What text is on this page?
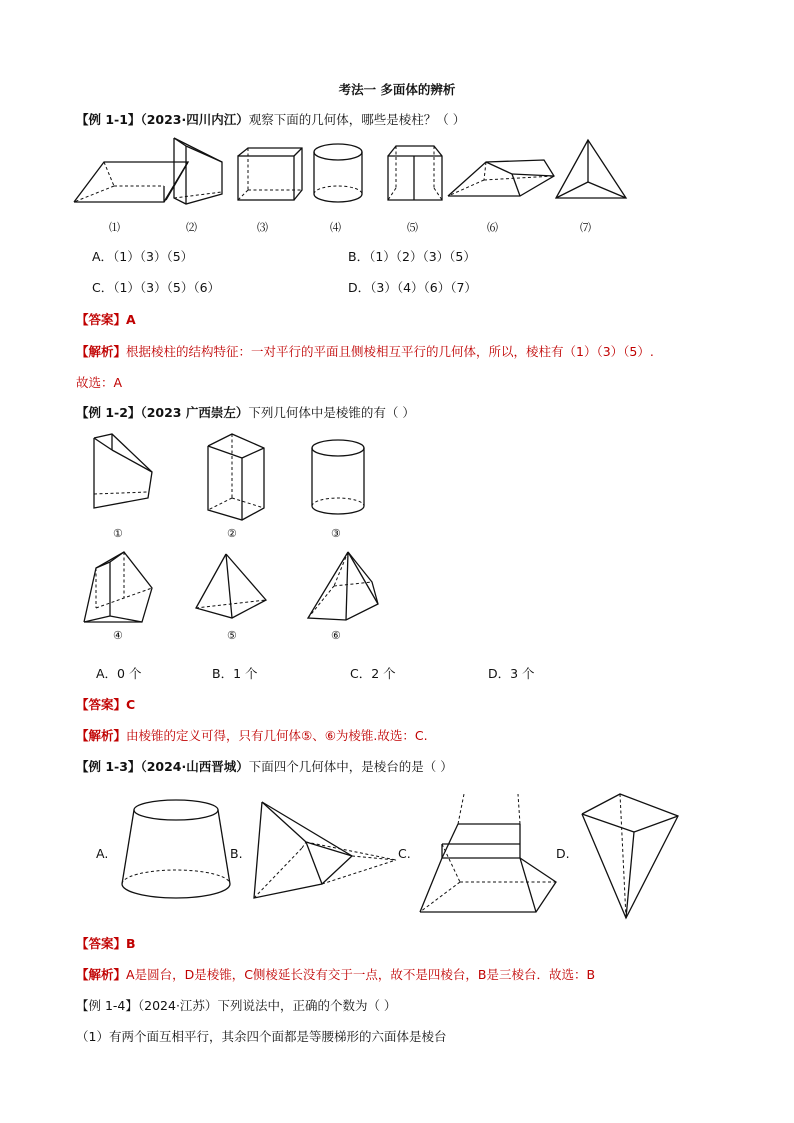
考法一 多面体的辨析
【例 1-1】（2023·四川内江）观察下面的几何体，哪些是棱柱？（ ）
⑴	⑵	⑶	⑷	⑸	⑹	⑺
A．（1）（3）（5）	B．（1）（2）（3）（5）
C．（1）（3）（5）（6）	D．（3）（4）（6）（7）
【答案】A
【解析】根据棱柱的结构特征：一对平行的平面且侧棱相互平行的几何体，所以，棱柱有（1）（3）（5）.
故选：A
【例 1-2】（2023 广西崇左）下列几何体中是棱锥的有（ ）
①	②	③
④	⑤	⑥
A．0 个	B．1 个	C．2 个	D．3 个
【答案】C
【解析】由棱锥的定义可得，只有几何体⑤、⑥为棱锥.故选：C.
【例 1-3】（2024·山西晋城）下面四个几何体中，是棱台的是（ ）
A.	B.	C.	D.
【答案】B
【解析】A是圆台，D是棱锥，C侧棱延长没有交于一点，故不是四棱台，B是三棱台．故选：B
【例 1-4】（2024·江苏）下列说法中，正确的个数为（ ）
（1）有两个面互相平行，其余四个面都是等腰梯形的六面体是棱台
